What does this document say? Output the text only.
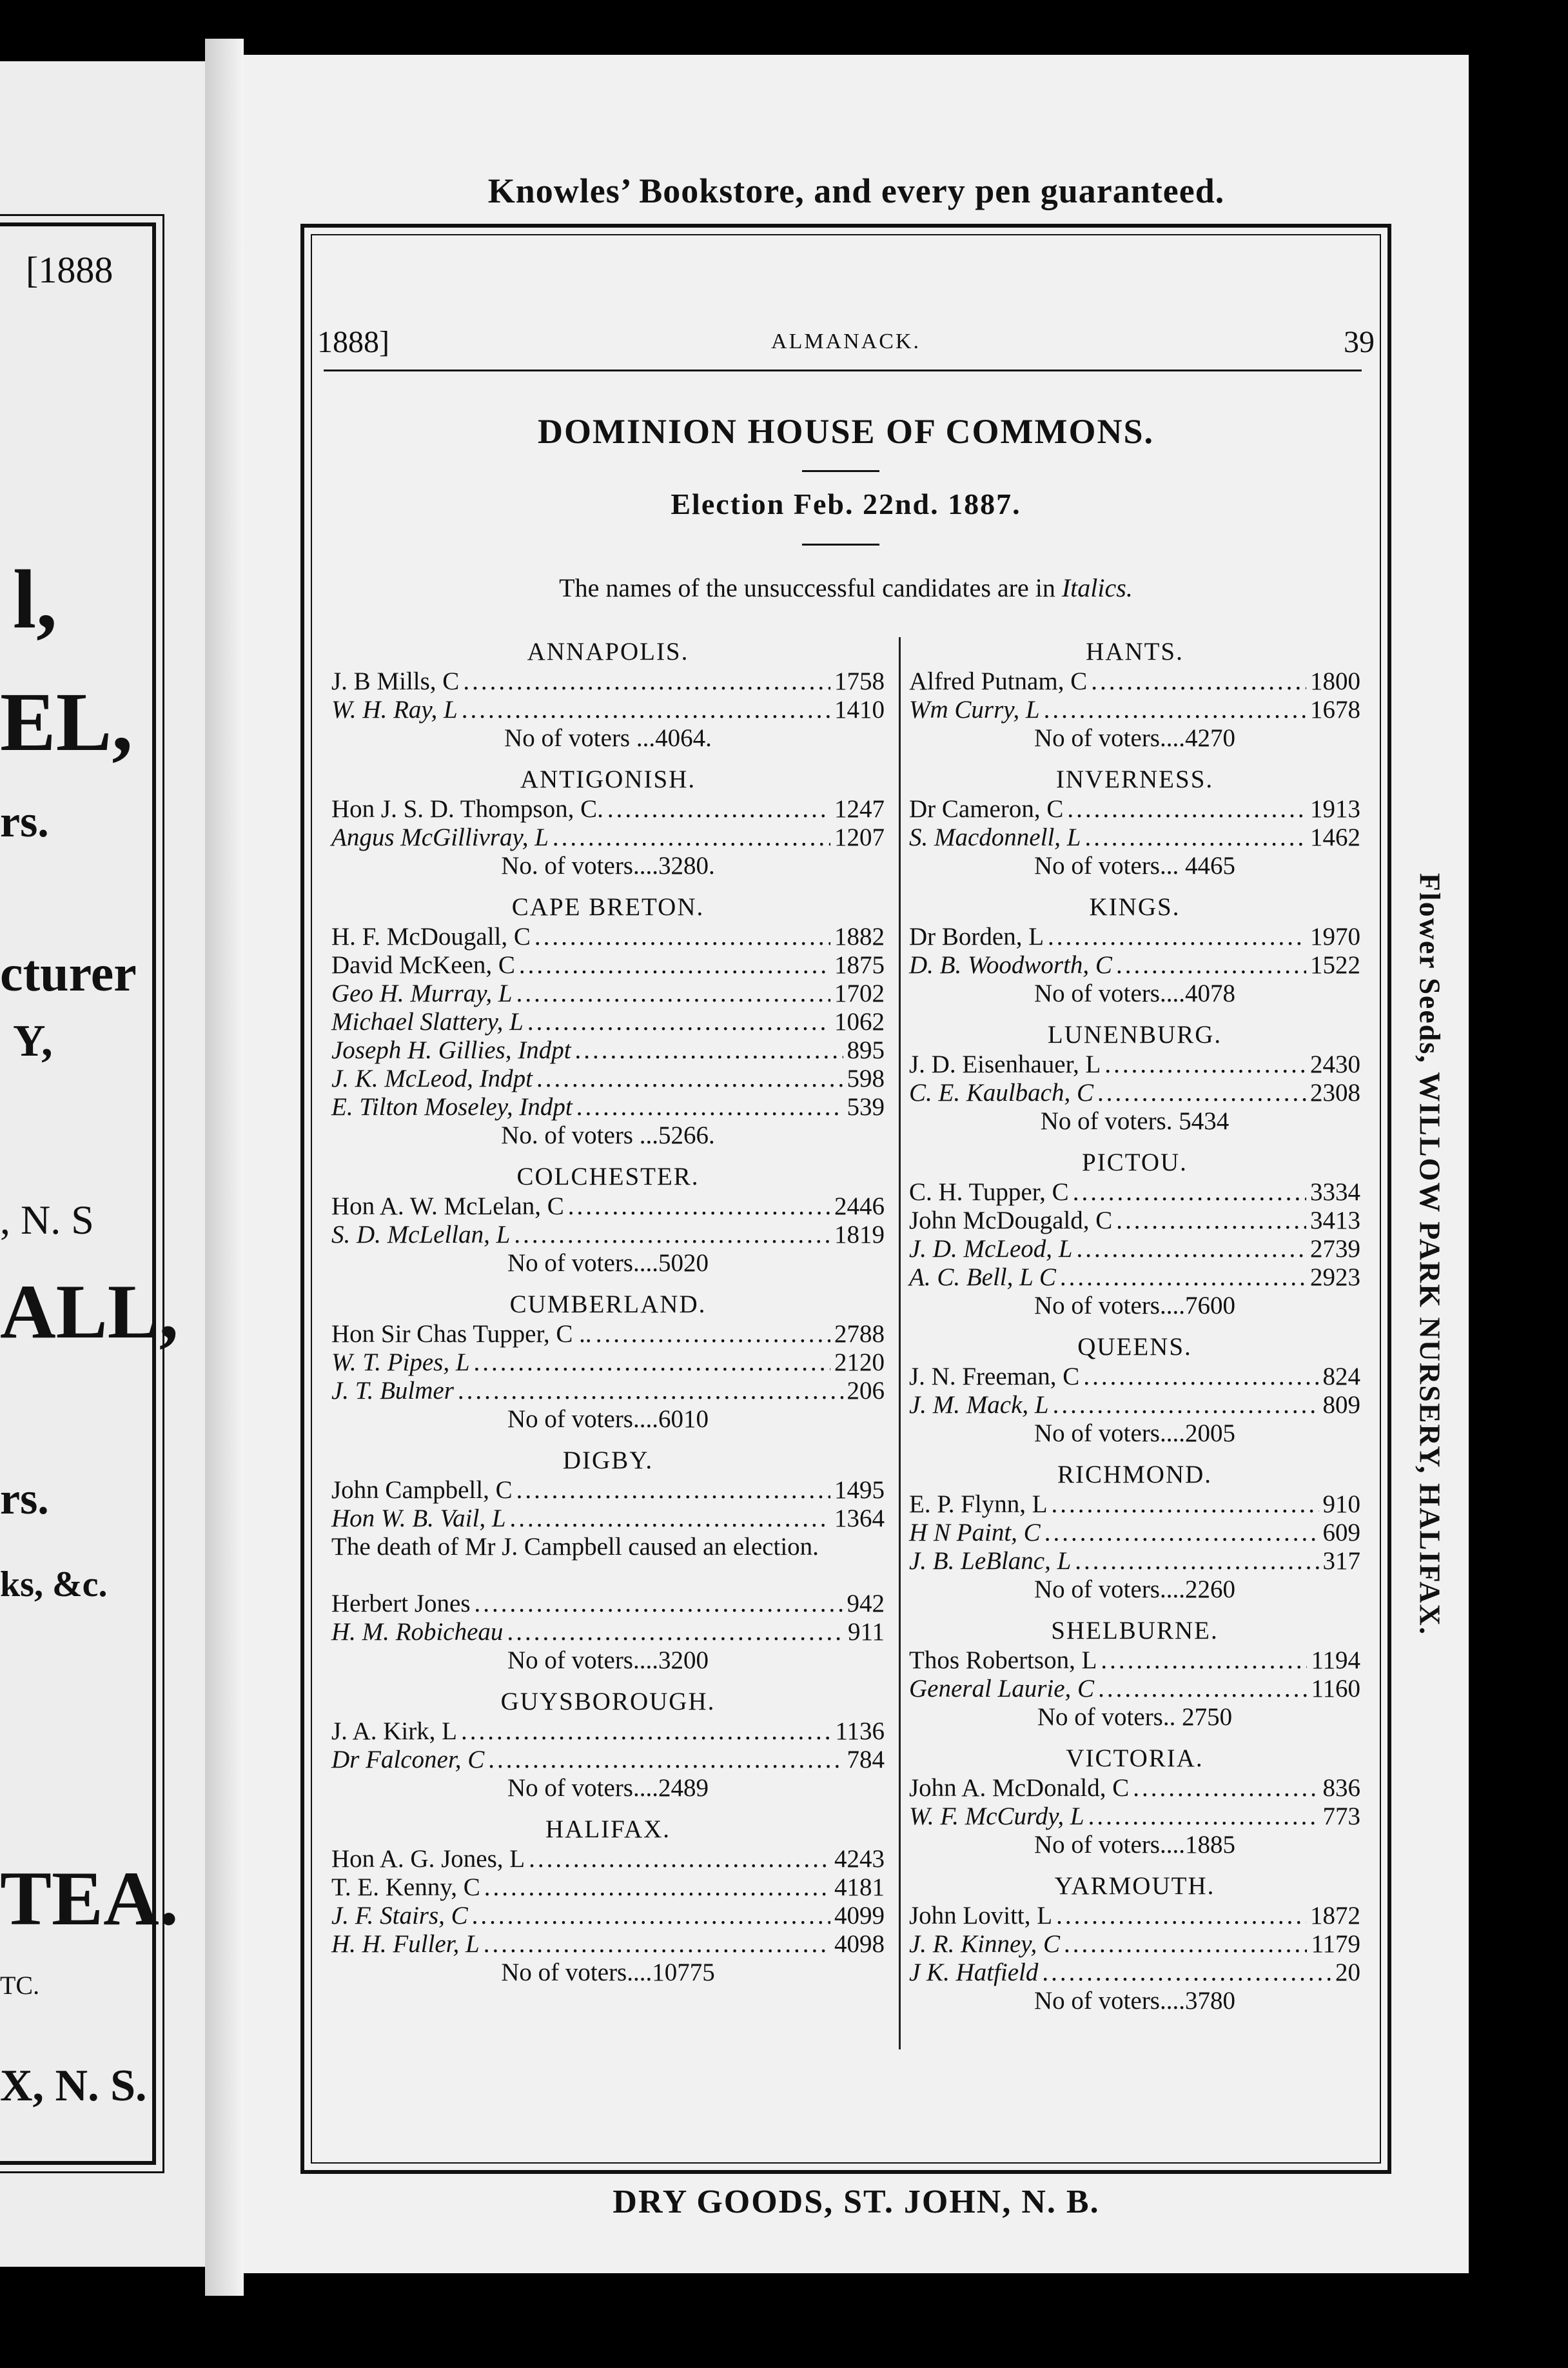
[1888
l,
EL,
rs.
cturer
Y,
, N. S
ALL,
rs.
ks, &c.
TEA.
TC.
X, N. S.
Knowles’ Bookstore, and every pen guaranteed.
Flower Seeds, WILLOW PARK NURSERY, HALIFAX.
1888]	ALMANACK.	39
DOMINION HOUSE OF COMMONS.
Election Feb. 22nd. 1887.
The names of the unsuccessful candidates are in Italics.
ANNAPOLIS.
J. B Mills, C .....	1758
W. H. Ray, L .....	1410
No of voters ...4064.
ANTIGONISH.
Hon J. S. D. Thompson, C. .....	1247
Angus McGillivray, L .....	1207
No. of voters....3280.
CAPE BRETON.
H. F. McDougall, C .....	1882
David McKeen, C .....	1875
Geo H. Murray, L .....	1702
Michael Slattery, L .....	1062
Joseph H. Gillies, Indpt .....	895
J. K. McLeod, Indpt .....	598
E. Tilton Moseley, Indpt .....	539
No. of voters ...5266.
COLCHESTER.
Hon A. W. McLelan, C .....	2446
S. D. McLellan, L .....	1819
No of voters....5020
CUMBERLAND.
Hon Sir Chas Tupper, C .. .....	2788
W. T. Pipes, L .....	2120
J. T. Bulmer .....	206
No of voters....6010
DIGBY.
John Campbell, C .....	1495
Hon W. B. Vail, L .....	1364
The death of Mr J. Campbell caused an election.
Herbert Jones .....	942
H. M. Robicheau .....	911
No of voters....3200
GUYSBOROUGH.
J. A. Kirk, L .....	1136
Dr Falconer, C .....	784
No of voters....2489
HALIFAX.
Hon A. G. Jones, L .....	4243
T. E. Kenny, C .....	4181
J. F. Stairs, C .....	4099
H. H. Fuller, L .....	4098
No of voters....10775
HANTS.
Alfred Putnam, C .....	1800
Wm Curry, L .....	1678
No of voters....4270
INVERNESS.
Dr Cameron, C .....	1913
S. Macdonnell, L .....	1462
No of voters... 4465
KINGS.
Dr Borden, L .....	1970
D. B. Woodworth, C .....	1522
No of voters....4078
LUNENBURG.
J. D. Eisenhauer, L .....	2430
C. E. Kaulbach, C .....	2308
No of voters. 5434
PICTOU.
C. H. Tupper, C .....	3334
John McDougald, C .....	3413
J. D. McLeod, L .....	2739
A. C. Bell, L C .....	2923
No of voters....7600
QUEENS.
J. N. Freeman, C .....	824
J. M. Mack, L .....	809
No of voters....2005
RICHMOND.
E. P. Flynn, L .....	910
H N Paint, C .....	609
J. B. LeBlanc, L .....	317
No of voters....2260
SHELBURNE.
Thos Robertson, L .....	1194
General Laurie, C .....	1160
No of voters.. 2750
VICTORIA.
John A. McDonald, C .....	836
W. F. McCurdy, L .....	773
No of voters....1885
YARMOUTH.
John Lovitt, L .....	1872
J. R. Kinney, C .....	1179
J K. Hatfield .....	20
No of voters....3780
DRY GOODS, ST. JOHN, N. B.
